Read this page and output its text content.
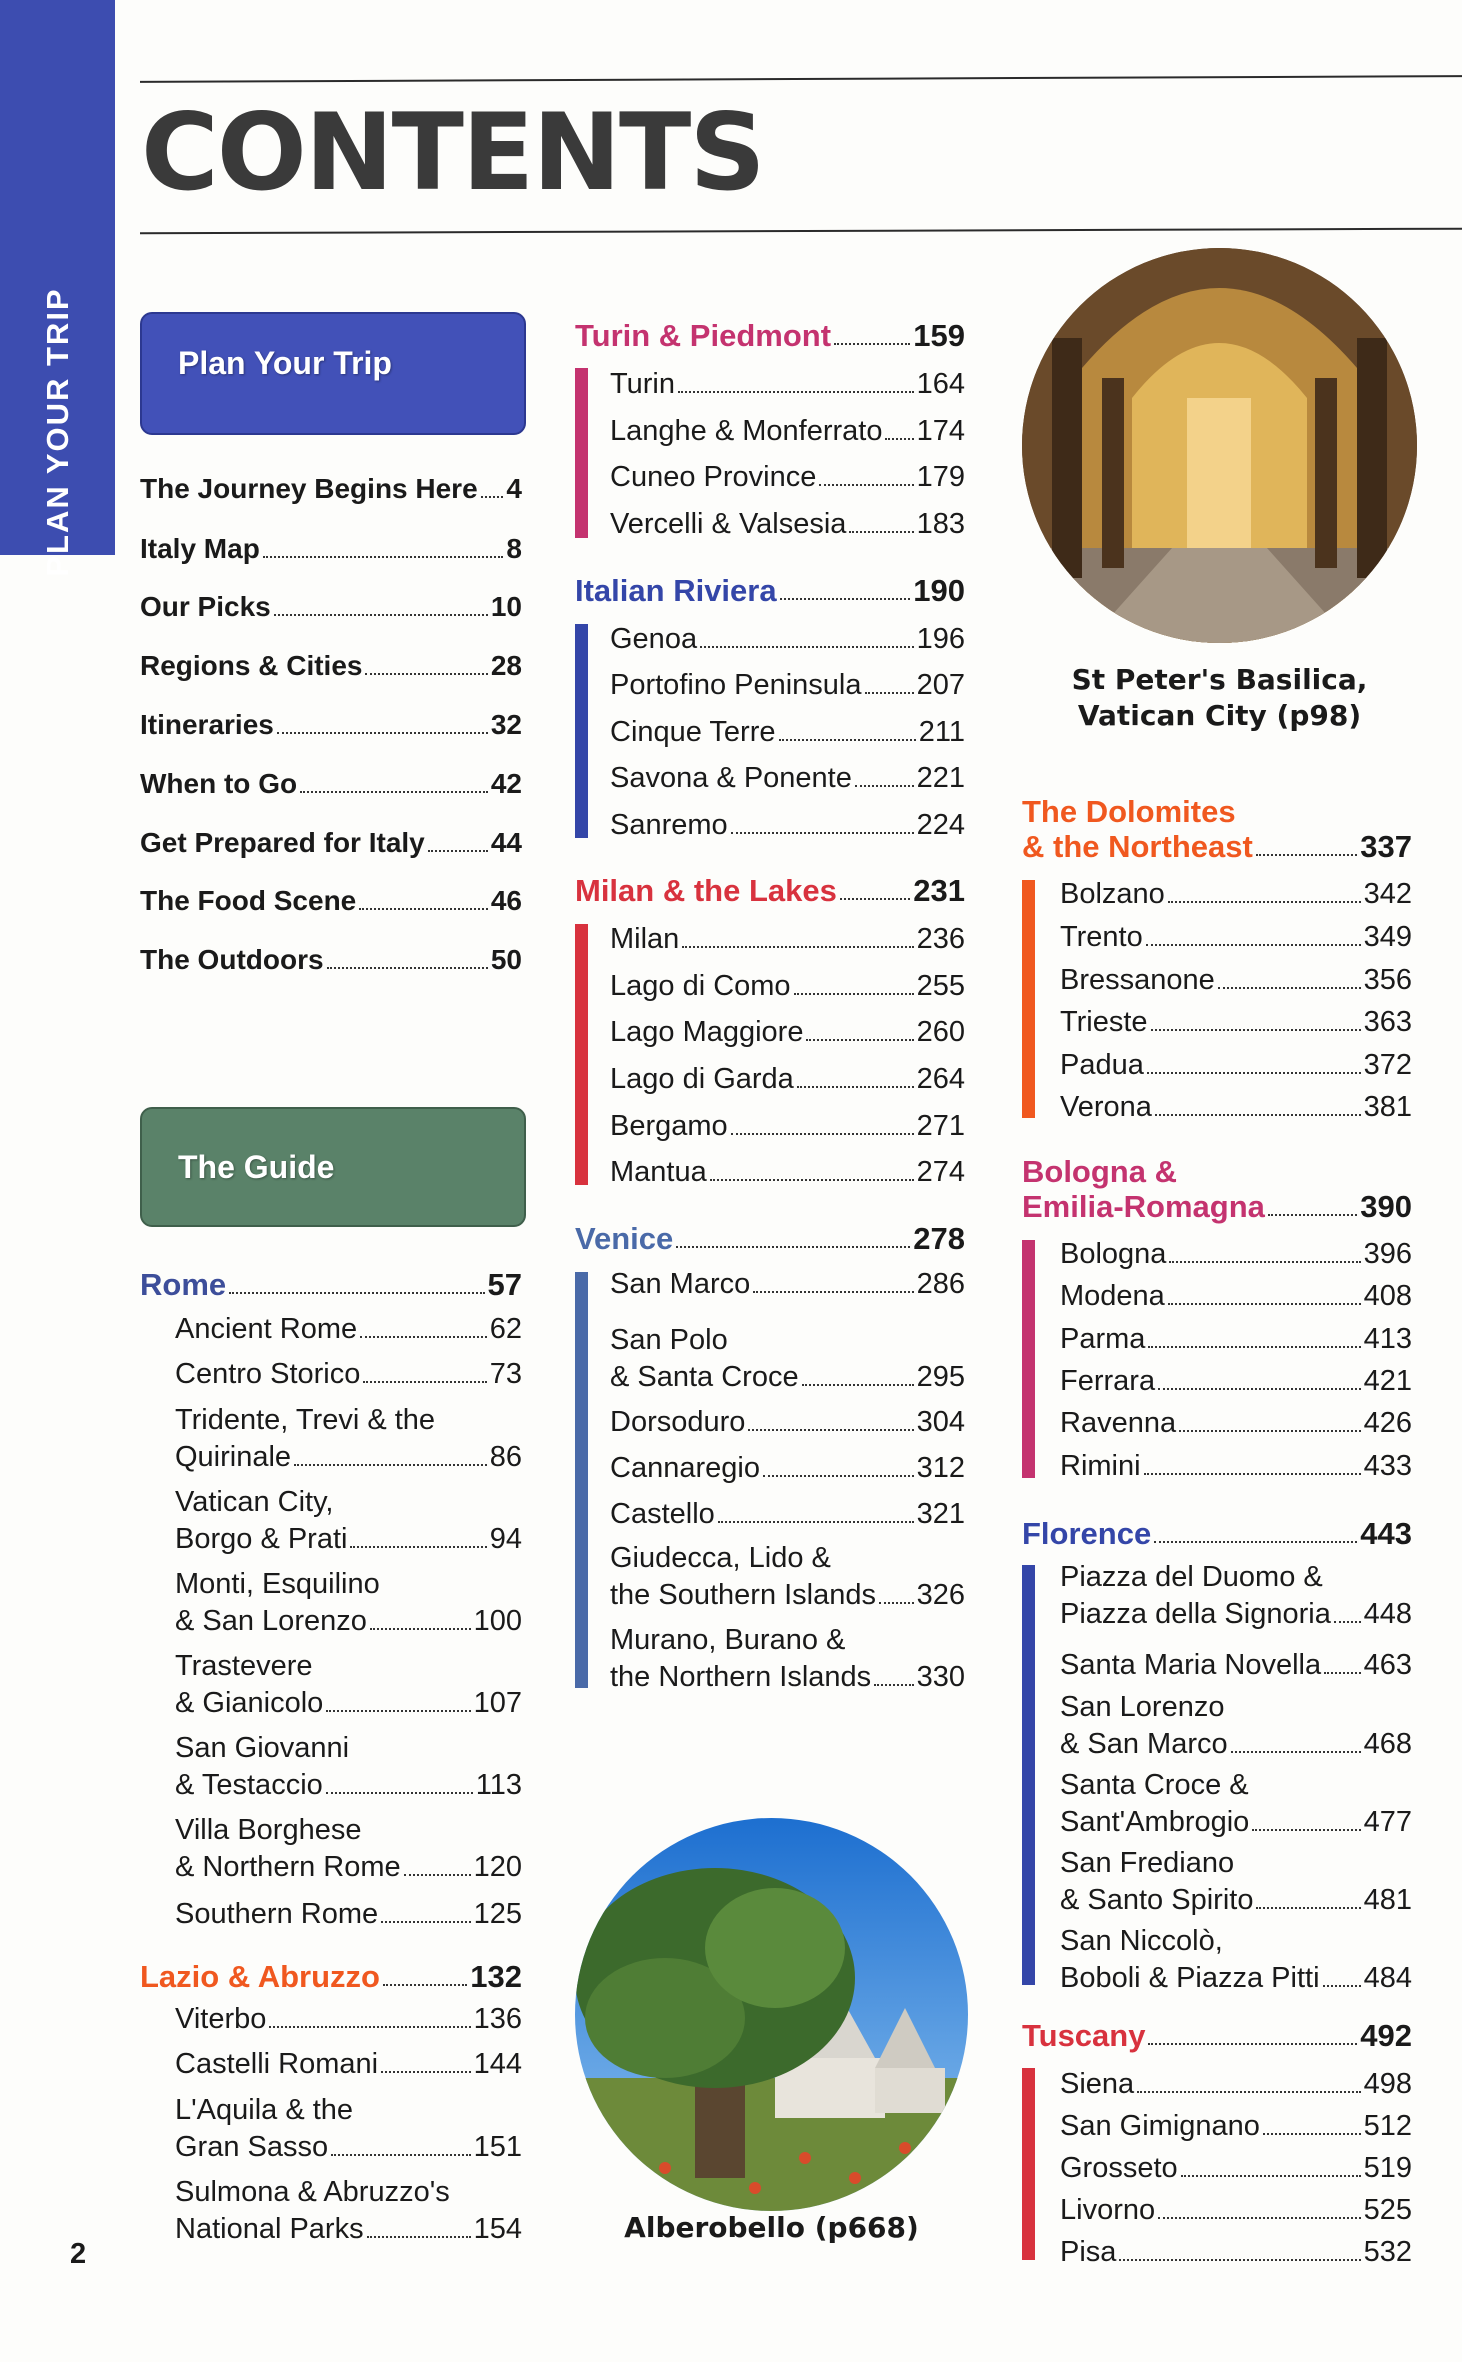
PLAN YOUR TRIP
CONTENTS
Plan Your Trip
The Journey Begins Here 4
Italy Map	8
Our Picks	10
Regions & Cities	28
Itineraries	32
When to Go	42
Get Prepared for Italy 44
The Food Scene	46
The Outdoors	50
The Guide
Rome	57
Ancient Rome	62
Centro Storico	73
Tridente, Trevi & the
Quirinale	86
Vatican City,
Borgo & Prati	94
Monti, Esquilino
& San Lorenzo	100
Trastevere
& Gianicolo	107
San Giovanni
& Testaccio	113
Villa Borghese
& Northern Rome	120
Southern Rome	125
Lazio & Abruzzo	132
Viterbo	136
Castelli Romani	144
L'Aquila & the
Gran Sasso	151
Sulmona & Abruzzo's
National Parks	154
Turin & Piedmont	159
Turin	164
Langhe & Monferrato 174
Cuneo Province	179
Vercelli & Valsesia 183
Italian Riviera	190
Genoa	196
Portofino Peninsula 207
Cinque Terre	211
Savona & Ponente 221
Sanremo	224
Milan & the Lakes 231
Milan	236
Lago di Como	255
Lago Maggiore	260
Lago di Garda	264
Bergamo	271
Mantua	274
Venice	278
San Marco	286
San Polo
& Santa Croce	295
Dorsoduro	304
Cannaregio	312
Castello	321
Giudecca, Lido &
the Southern Islands 326
Murano, Burano &
the Northern Islands 330
Alberobello (p668)
St Peter's Basilica,
Vatican City (p98)
The Dolomites
& the Northeast	337
Bolzano	342
Trento	349
Bressanone	356
Trieste	363
Padua	372
Verona	381
Bologna &
Emilia-Romagna	390
Bologna	396
Modena	408
Parma	413
Ferrara	421
Ravenna	426
Rimini	433
Florence	443
Piazza del Duomo &
Piazza della Signoria 448
Santa Maria Novella 463
San Lorenzo
& San Marco	468
Santa Croce &
Sant'Ambrogio	477
San Frediano
& Santo Spirito	481
San Niccolò,
Boboli & Piazza Pitti 484
Tuscany	492
Siena	498
San Gimignano	512
Grosseto	519
Livorno	525
Pisa	532
2
